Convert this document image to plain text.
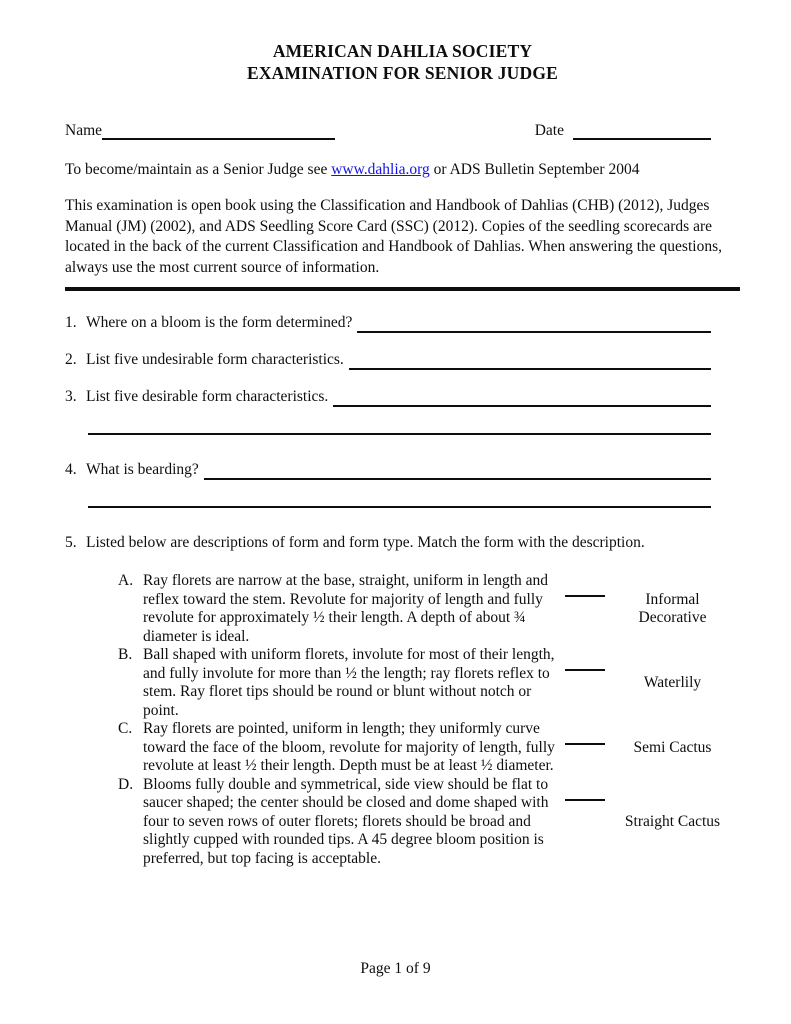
AMERICAN DAHLIA SOCIETY
EXAMINATION FOR SENIOR JUDGE
Name	Date
To become/maintain as a Senior Judge see www.dahlia.org or ADS Bulletin September 2004
This examination is open book using the Classification and Handbook of Dahlias (CHB) (2012), Judges Manual (JM) (2002), and ADS Seedling Score Card (SSC) (2012). Copies of the seedling scorecards are located in the back of the current Classification and Handbook of Dahlias. When answering the questions, always use the most current source of information.
1. Where on a bloom is the form determined?
2. List five undesirable form characteristics.
3. List five desirable form characteristics.
4. What is bearding?
5. Listed below are descriptions of form and form type. Match the form with the description.
A. Ray florets are narrow at the base, straight, uniform in length and reflex toward the stem. Revolute for majority of length and fully revolute for approximately ½ their length. A depth of about ¾ diameter is ideal.
Informal Decorative
B. Ball shaped with uniform florets, involute for most of their length, and fully involute for more than ½ the length; ray florets reflex to stem. Ray floret tips should be round or blunt without notch or point.
Waterlily
C. Ray florets are pointed, uniform in length; they uniformly curve toward the face of the bloom, revolute for majority of length, fully revolute at least ½ their length. Depth must be at least ½ diameter.
Semi Cactus
D. Blooms fully double and symmetrical, side view should be flat to saucer shaped; the center should be closed and dome shaped with four to seven rows of outer florets; florets should be broad and slightly cupped with rounded tips. A 45 degree bloom position is preferred, but top facing is acceptable.
Straight Cactus
Page 1 of 9
